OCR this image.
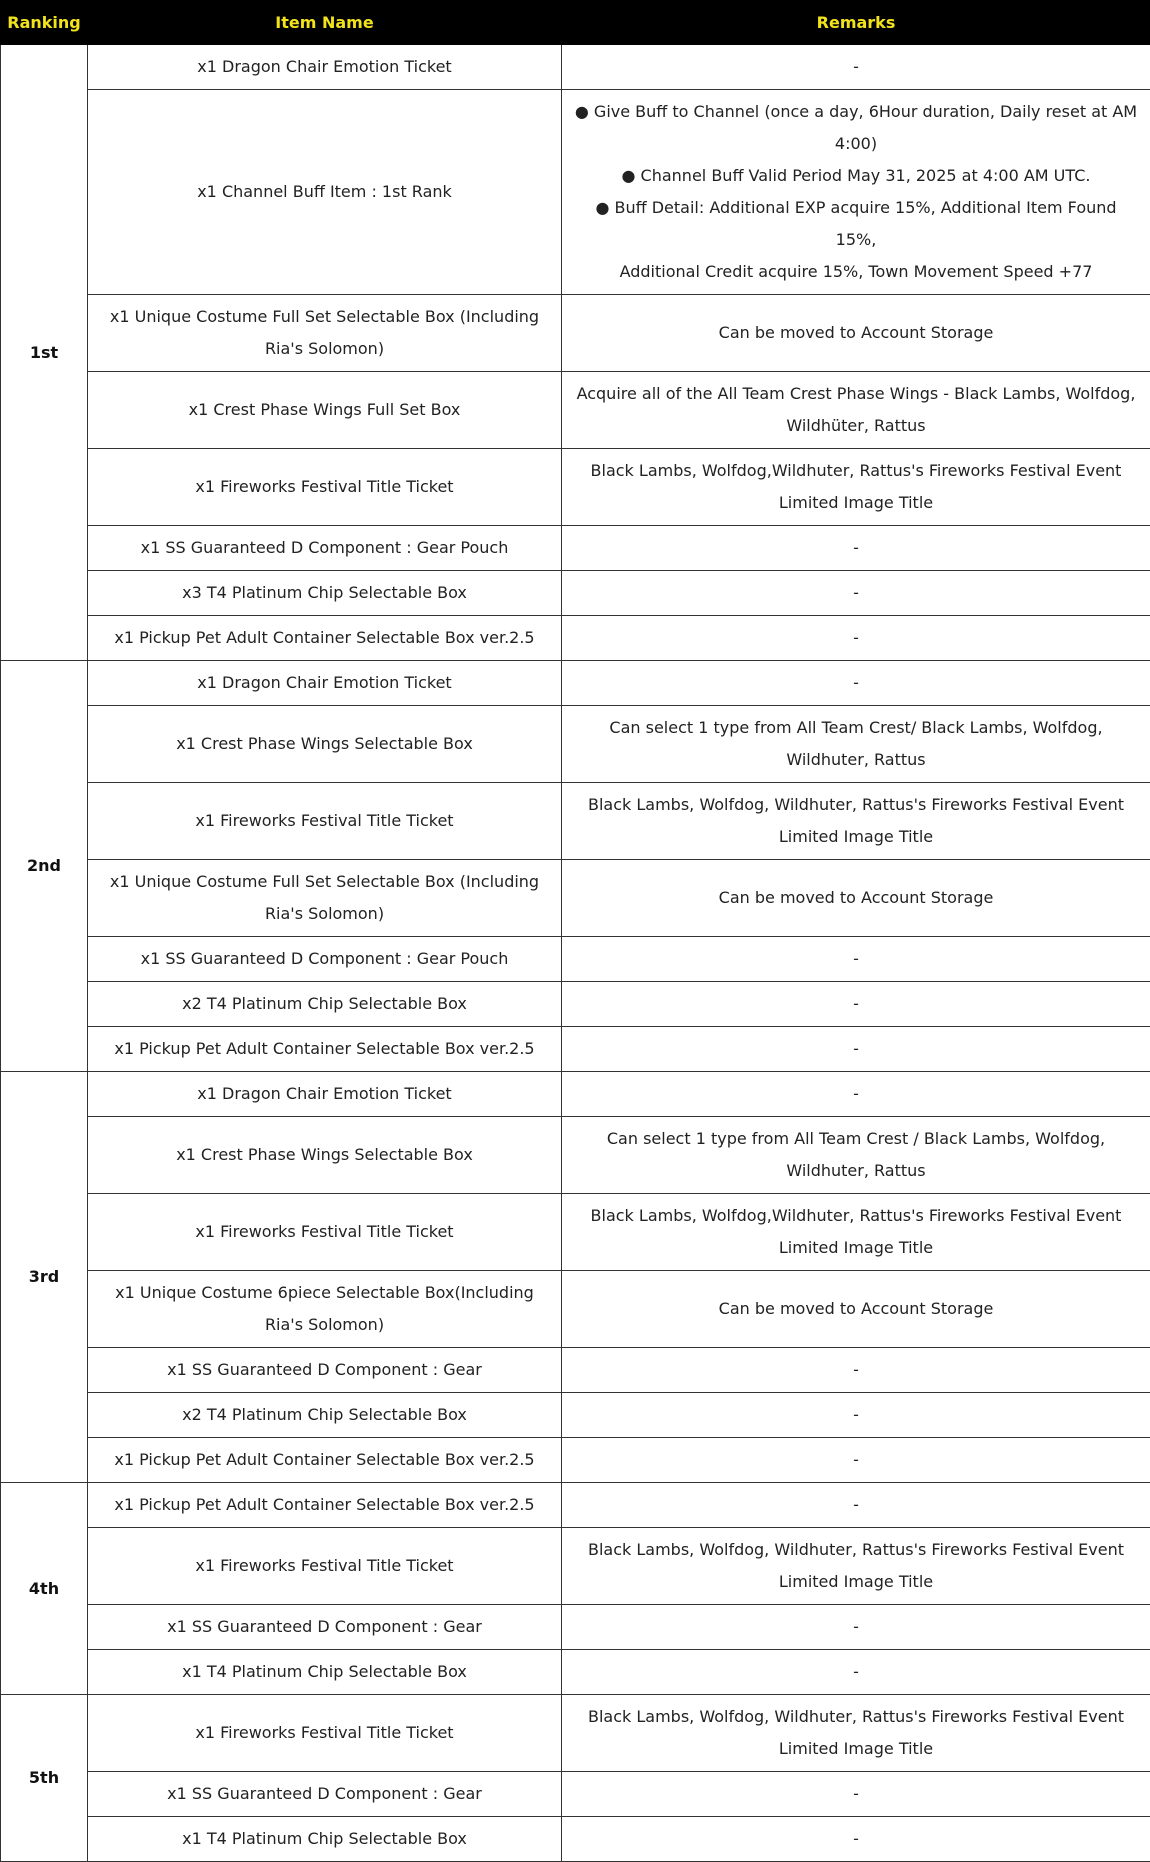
Ranking	Item Name	Remarks
1st	x1 Dragon Chair Emotion Ticket	-

	x1 Channel Buff Item : 1st Rank	● Give Buff to Channel (once a day, 6Hour duration, Daily reset at AM 4:00)
● Channel Buff Valid Period May 31, 2025 at 4:00 AM UTC.
● Buff Detail: Additional EXP acquire 15%, Additional Item Found 15%,
Additional Credit acquire 15%, Town Movement Speed +77

	x1 Unique Costume Full Set Selectable Box (Including Ria's Solomon)	Can be moved to Account Storage

	x1 Crest Phase Wings Full Set Box	Acquire all of the All Team Crest Phase Wings - Black Lambs, Wolfdog, Wildhüter, Rattus

	x1 Fireworks Festival Title Ticket	Black Lambs, Wolfdog,Wildhuter, Rattus's Fireworks Festival Event Limited Image Title

	x1 SS Guaranteed D Component : Gear Pouch	-

	x3 T4 Platinum Chip Selectable Box	-

	x1 Pickup Pet Adult Container Selectable Box ver.2.5	-

2nd	x1 Dragon Chair Emotion Ticket	-

	x1 Crest Phase Wings Selectable Box	Can select 1 type from All Team Crest/ Black Lambs, Wolfdog, Wildhuter, Rattus

	x1 Fireworks Festival Title Ticket	Black Lambs, Wolfdog, Wildhuter, Rattus's Fireworks Festival Event Limited Image Title

	x1 Unique Costume Full Set Selectable Box (Including Ria's Solomon)	Can be moved to Account Storage

	x1 SS Guaranteed D Component : Gear Pouch	-

	x2 T4 Platinum Chip Selectable Box	-

	x1 Pickup Pet Adult Container Selectable Box ver.2.5	-

3rd	x1 Dragon Chair Emotion Ticket	-

	x1 Crest Phase Wings Selectable Box	Can select 1 type from All Team Crest / Black Lambs, Wolfdog, Wildhuter, Rattus

	x1 Fireworks Festival Title Ticket	Black Lambs, Wolfdog,Wildhuter, Rattus's Fireworks Festival Event Limited Image Title

	x1 Unique Costume 6piece Selectable Box(Including Ria's Solomon)	Can be moved to Account Storage

	x1 SS Guaranteed D Component : Gear	-

	x2 T4 Platinum Chip Selectable Box	-

	x1 Pickup Pet Adult Container Selectable Box ver.2.5	-

4th	x1 Pickup Pet Adult Container Selectable Box ver.2.5	-

	x1 Fireworks Festival Title Ticket	Black Lambs, Wolfdog, Wildhuter, Rattus's Fireworks Festival Event Limited Image Title

	x1 SS Guaranteed D Component : Gear	-

	x1 T4 Platinum Chip Selectable Box	-

5th	x1 Fireworks Festival Title Ticket	Black Lambs, Wolfdog, Wildhuter, Rattus's Fireworks Festival Event Limited Image Title

	x1 SS Guaranteed D Component : Gear	-

	x1 T4 Platinum Chip Selectable Box	-
